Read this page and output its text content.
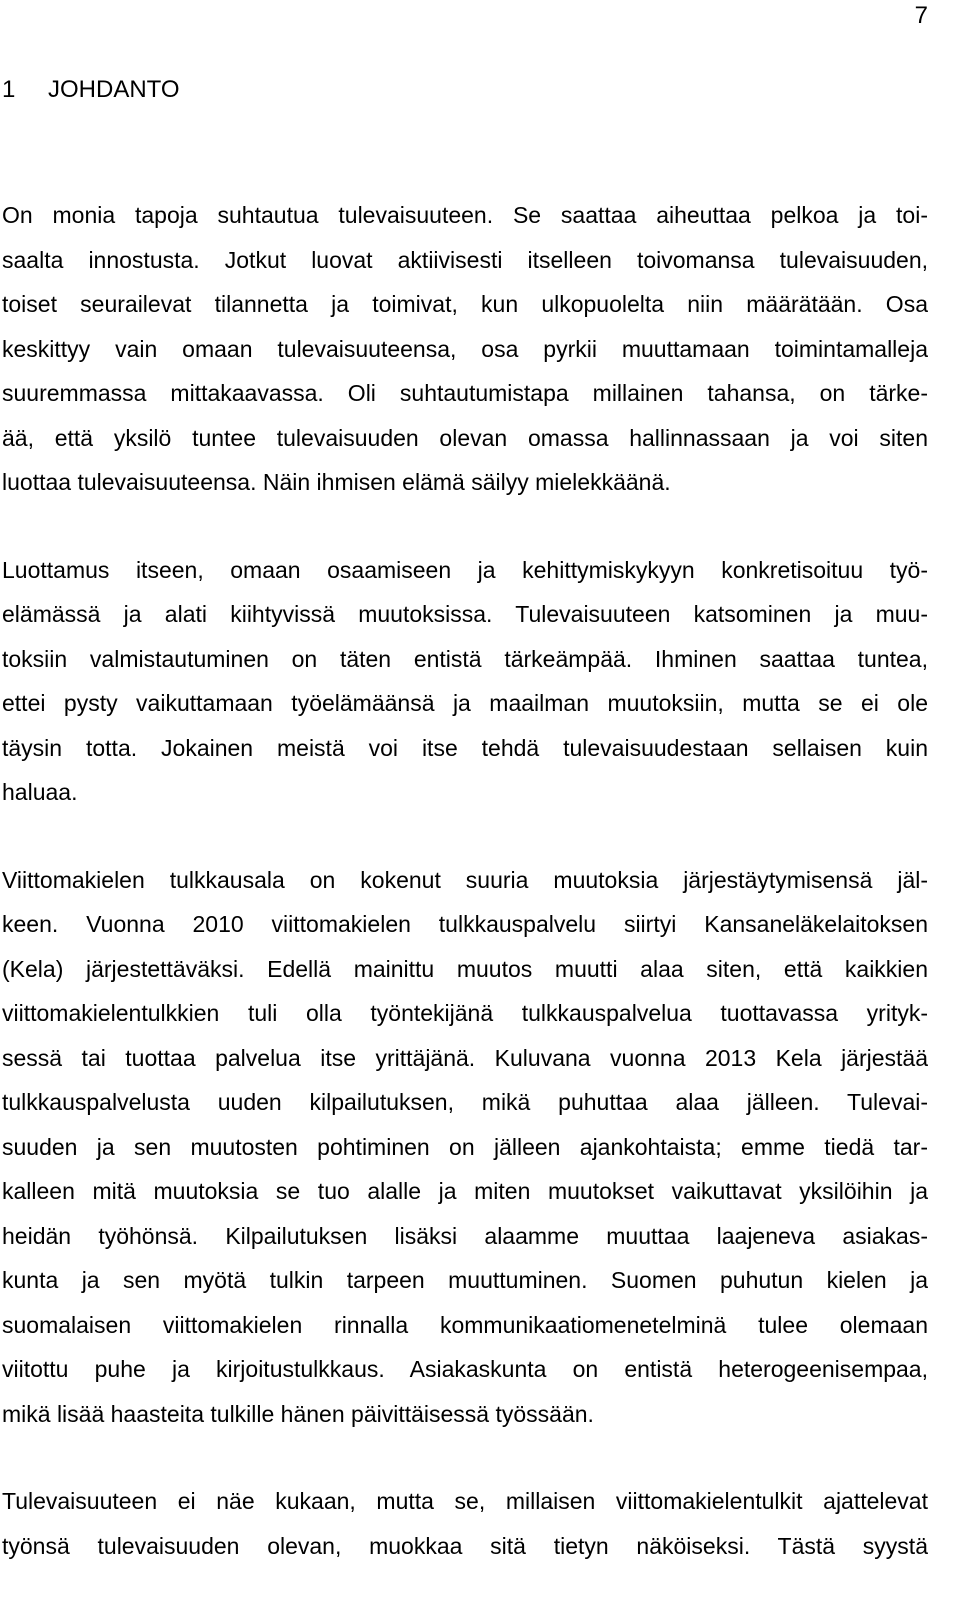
7
1 JOHDANTO
On monia tapoja suhtautua tulevaisuuteen. Se saattaa aiheuttaa pelkoa ja toi-
saalta innostusta. Jotkut luovat aktiivisesti itselleen toivomansa tulevaisuuden,
toiset seurailevat tilannetta ja toimivat, kun ulkopuolelta niin määrätään. Osa
keskittyy vain omaan tulevaisuuteensa, osa pyrkii muuttamaan toimintamalleja
suuremmassa mittakaavassa. Oli suhtautumistapa millainen tahansa, on tärke-
ää, että yksilö tuntee tulevaisuuden olevan omassa hallinnassaan ja voi siten
luottaa tulevaisuuteensa. Näin ihmisen elämä säilyy mielekkäänä.
Luottamus itseen, omaan osaamiseen ja kehittymiskykyyn konkretisoituu työ-
elämässä ja alati kiihtyvissä muutoksissa. Tulevaisuuteen katsominen ja muu-
toksiin valmistautuminen on täten entistä tärkeämpää. Ihminen saattaa tuntea,
ettei pysty vaikuttamaan työelämäänsä ja maailman muutoksiin, mutta se ei ole
täysin totta. Jokainen meistä voi itse tehdä tulevaisuudestaan sellaisen kuin
haluaa.
Viittomakielen tulkkausala on kokenut suuria muutoksia järjestäytymisensä jäl-
keen. Vuonna 2010 viittomakielen tulkkauspalvelu siirtyi Kansaneläkelaitoksen
(Kela) järjestettäväksi. Edellä mainittu muutos muutti alaa siten, että kaikkien
viittomakielentulkkien tuli olla työntekijänä tulkkauspalvelua tuottavassa yrityk-
sessä tai tuottaa palvelua itse yrittäjänä. Kuluvana vuonna 2013 Kela järjestää
tulkkauspalvelusta uuden kilpailutuksen, mikä puhuttaa alaa jälleen. Tulevai-
suuden ja sen muutosten pohtiminen on jälleen ajankohtaista; emme tiedä tar-
kalleen mitä muutoksia se tuo alalle ja miten muutokset vaikuttavat yksilöihin ja
heidän työhönsä. Kilpailutuksen lisäksi alaamme muuttaa laajeneva asiakas-
kunta ja sen myötä tulkin tarpeen muuttuminen. Suomen puhutun kielen ja
suomalaisen viittomakielen rinnalla kommunikaatiomenetelminä tulee olemaan
viitottu puhe ja kirjoitustulkkaus. Asiakaskunta on entistä heterogeenisempaa,
mikä lisää haasteita tulkille hänen päivittäisessä työssään.
Tulevaisuuteen ei näe kukaan, mutta se, millaisen viittomakielentulkit ajattelevat
työnsä tulevaisuuden olevan, muokkaa sitä tietyn näköiseksi. Tästä syystä
